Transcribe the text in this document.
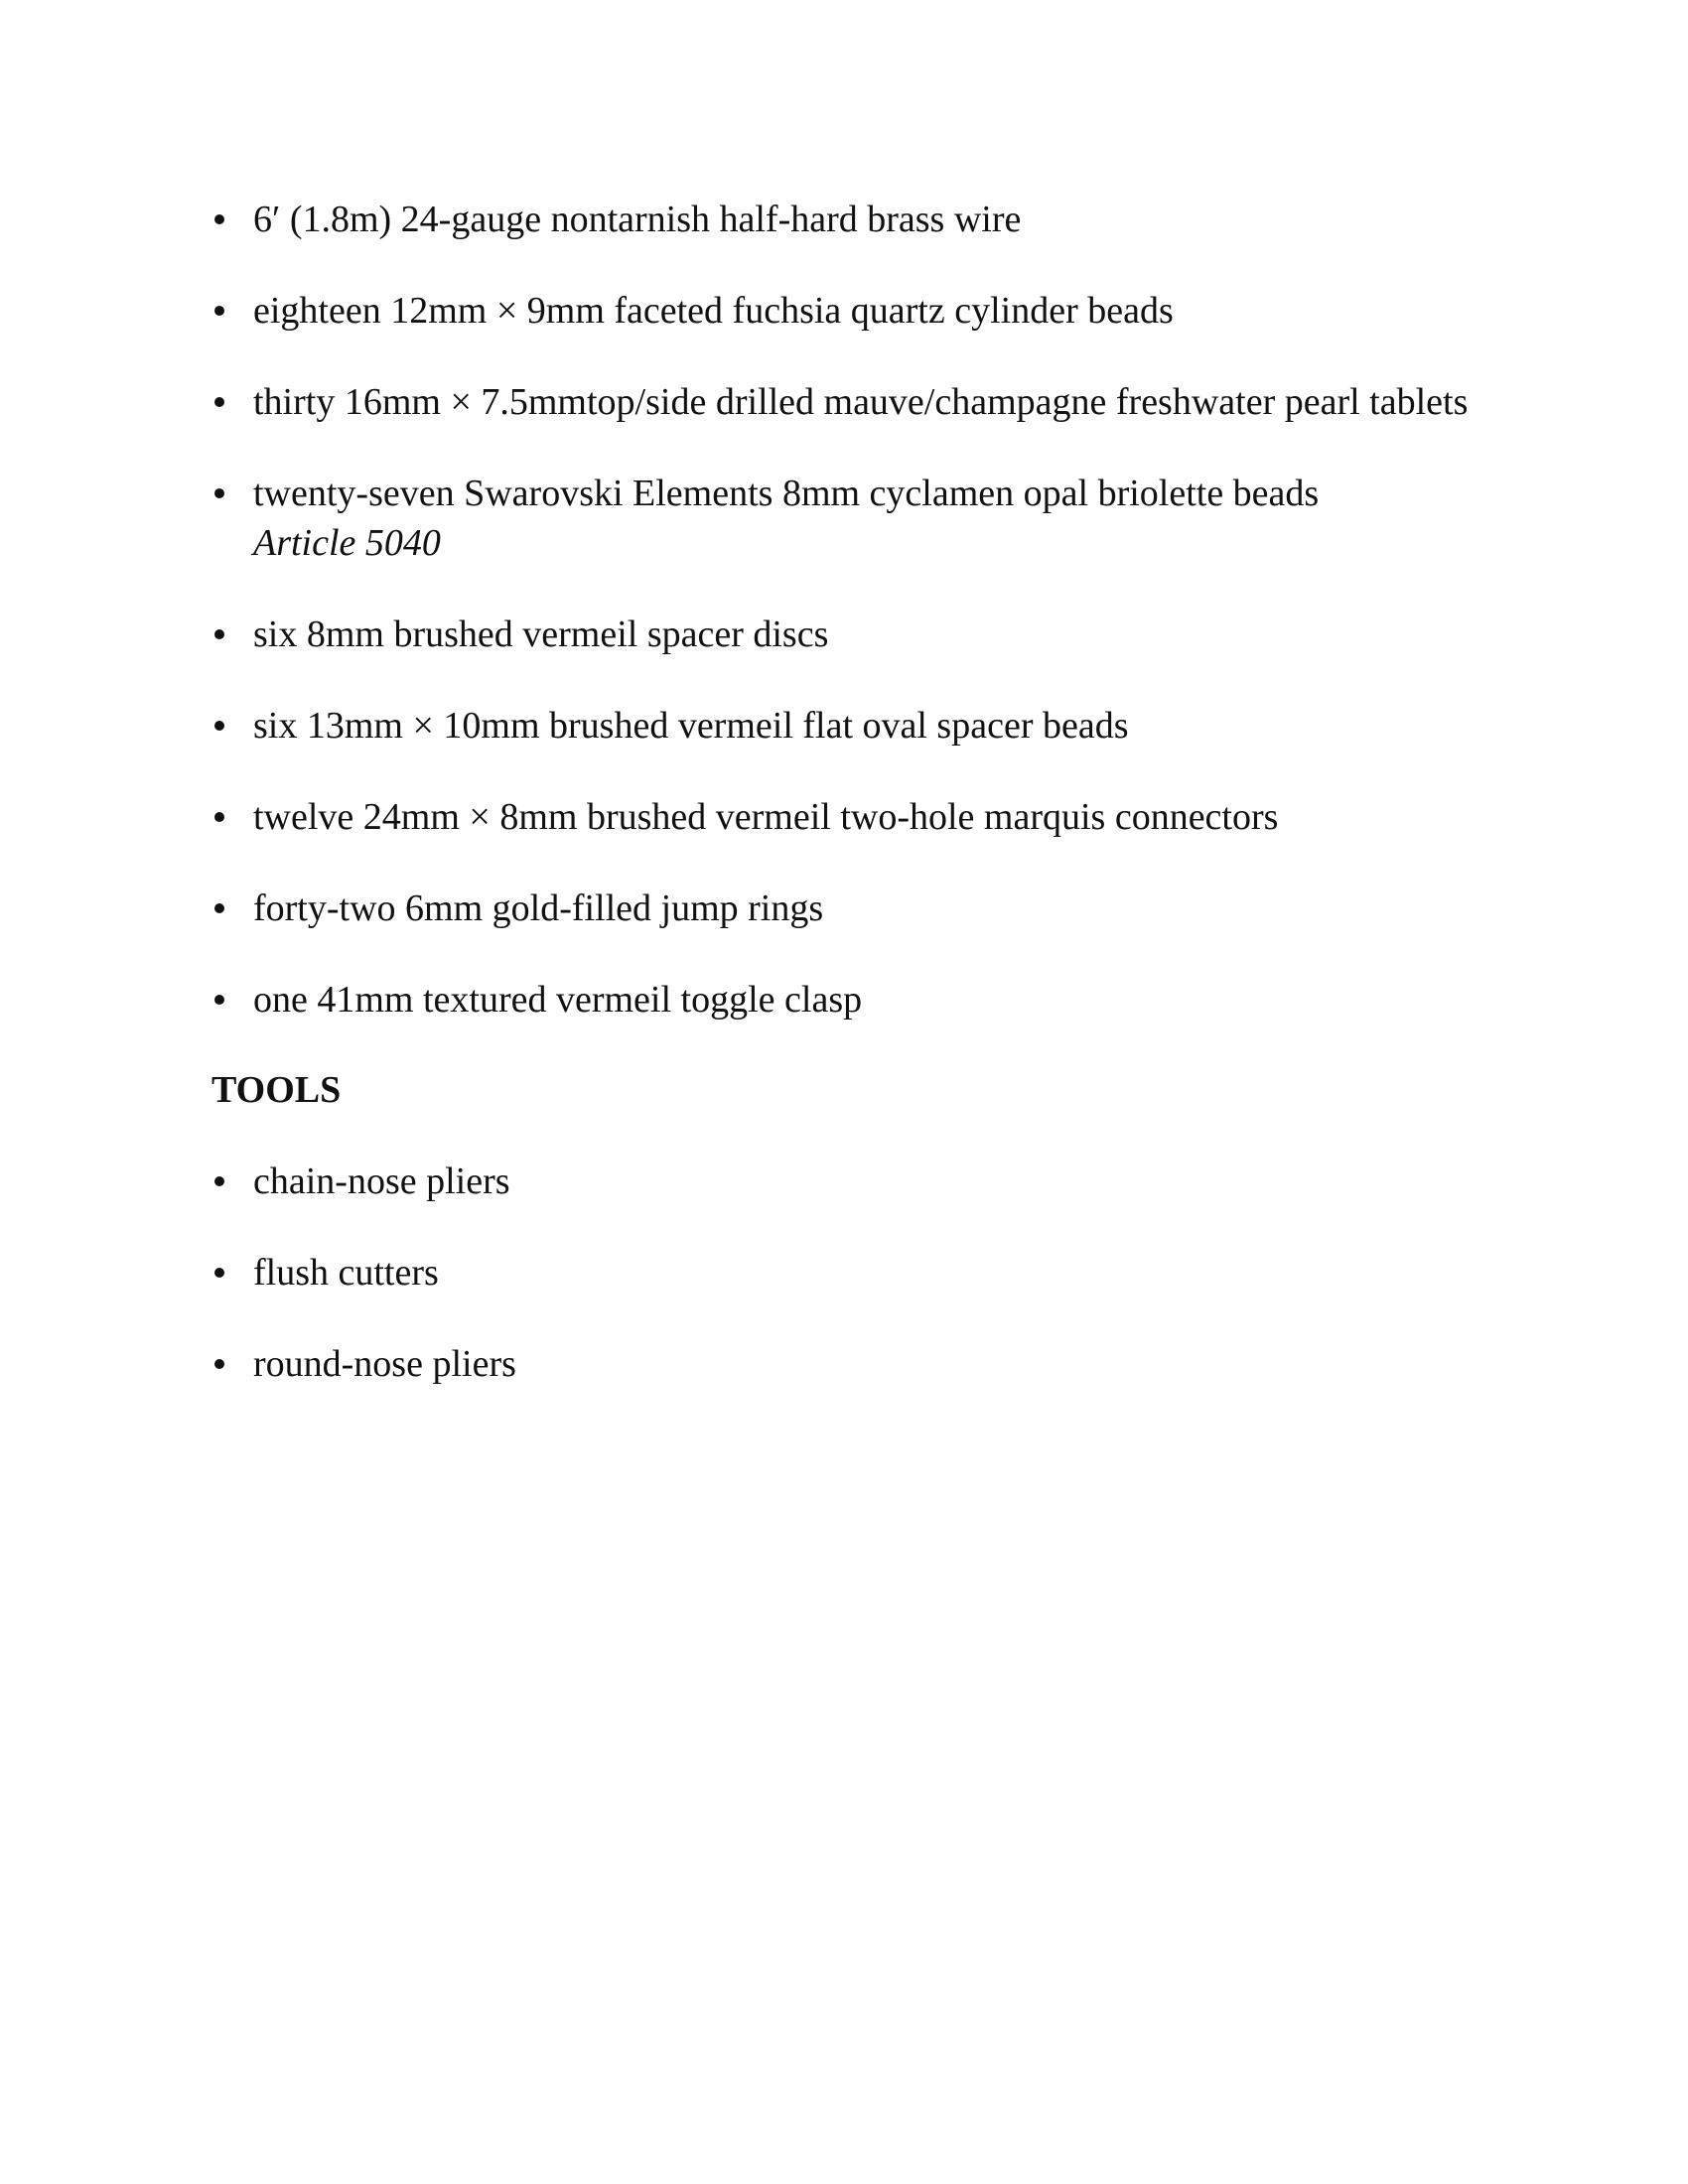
6′ (1.8m) 24-gauge nontarnish half-hard brass wire
eighteen 12mm × 9mm faceted fuchsia quartz cylinder beads
thirty 16mm × 7.5mmtop/side drilled mauve/champagne freshwater pearl tablets
twenty-seven Swarovski Elements 8mm cyclamen opal briolette beads
Article 5040
six 8mm brushed vermeil spacer discs
six 13mm × 10mm brushed vermeil flat oval spacer beads
twelve 24mm × 8mm brushed vermeil two-hole marquis connectors
forty-two 6mm gold-filled jump rings
one 41mm textured vermeil toggle clasp
TOOLS
chain-nose pliers
flush cutters
round-nose pliers
